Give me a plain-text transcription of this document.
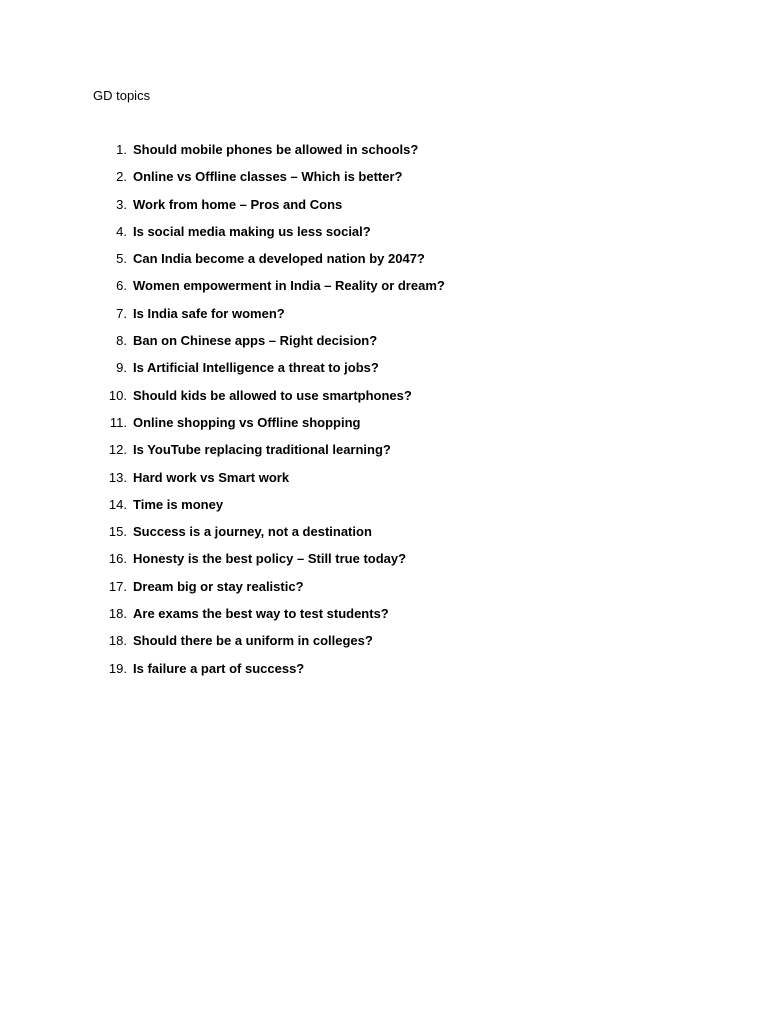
GD topics
1. Should mobile phones be allowed in schools?
2. Online vs Offline classes – Which is better?
3. Work from home – Pros and Cons
4. Is social media making us less social?
5. Can India become a developed nation by 2047?
6. Women empowerment in India – Reality or dream?
7. Is India safe for women?
8. Ban on Chinese apps – Right decision?
9. Is Artificial Intelligence a threat to jobs?
10. Should kids be allowed to use smartphones?
11. Online shopping vs Offline shopping
12. Is YouTube replacing traditional learning?
13. Hard work vs Smart work
14. Time is money
15. Success is a journey, not a destination
16. Honesty is the best policy – Still true today?
17. Dream big or stay realistic?
18. Are exams the best way to test students?
18. Should there be a uniform in colleges?
19. Is failure a part of success?
